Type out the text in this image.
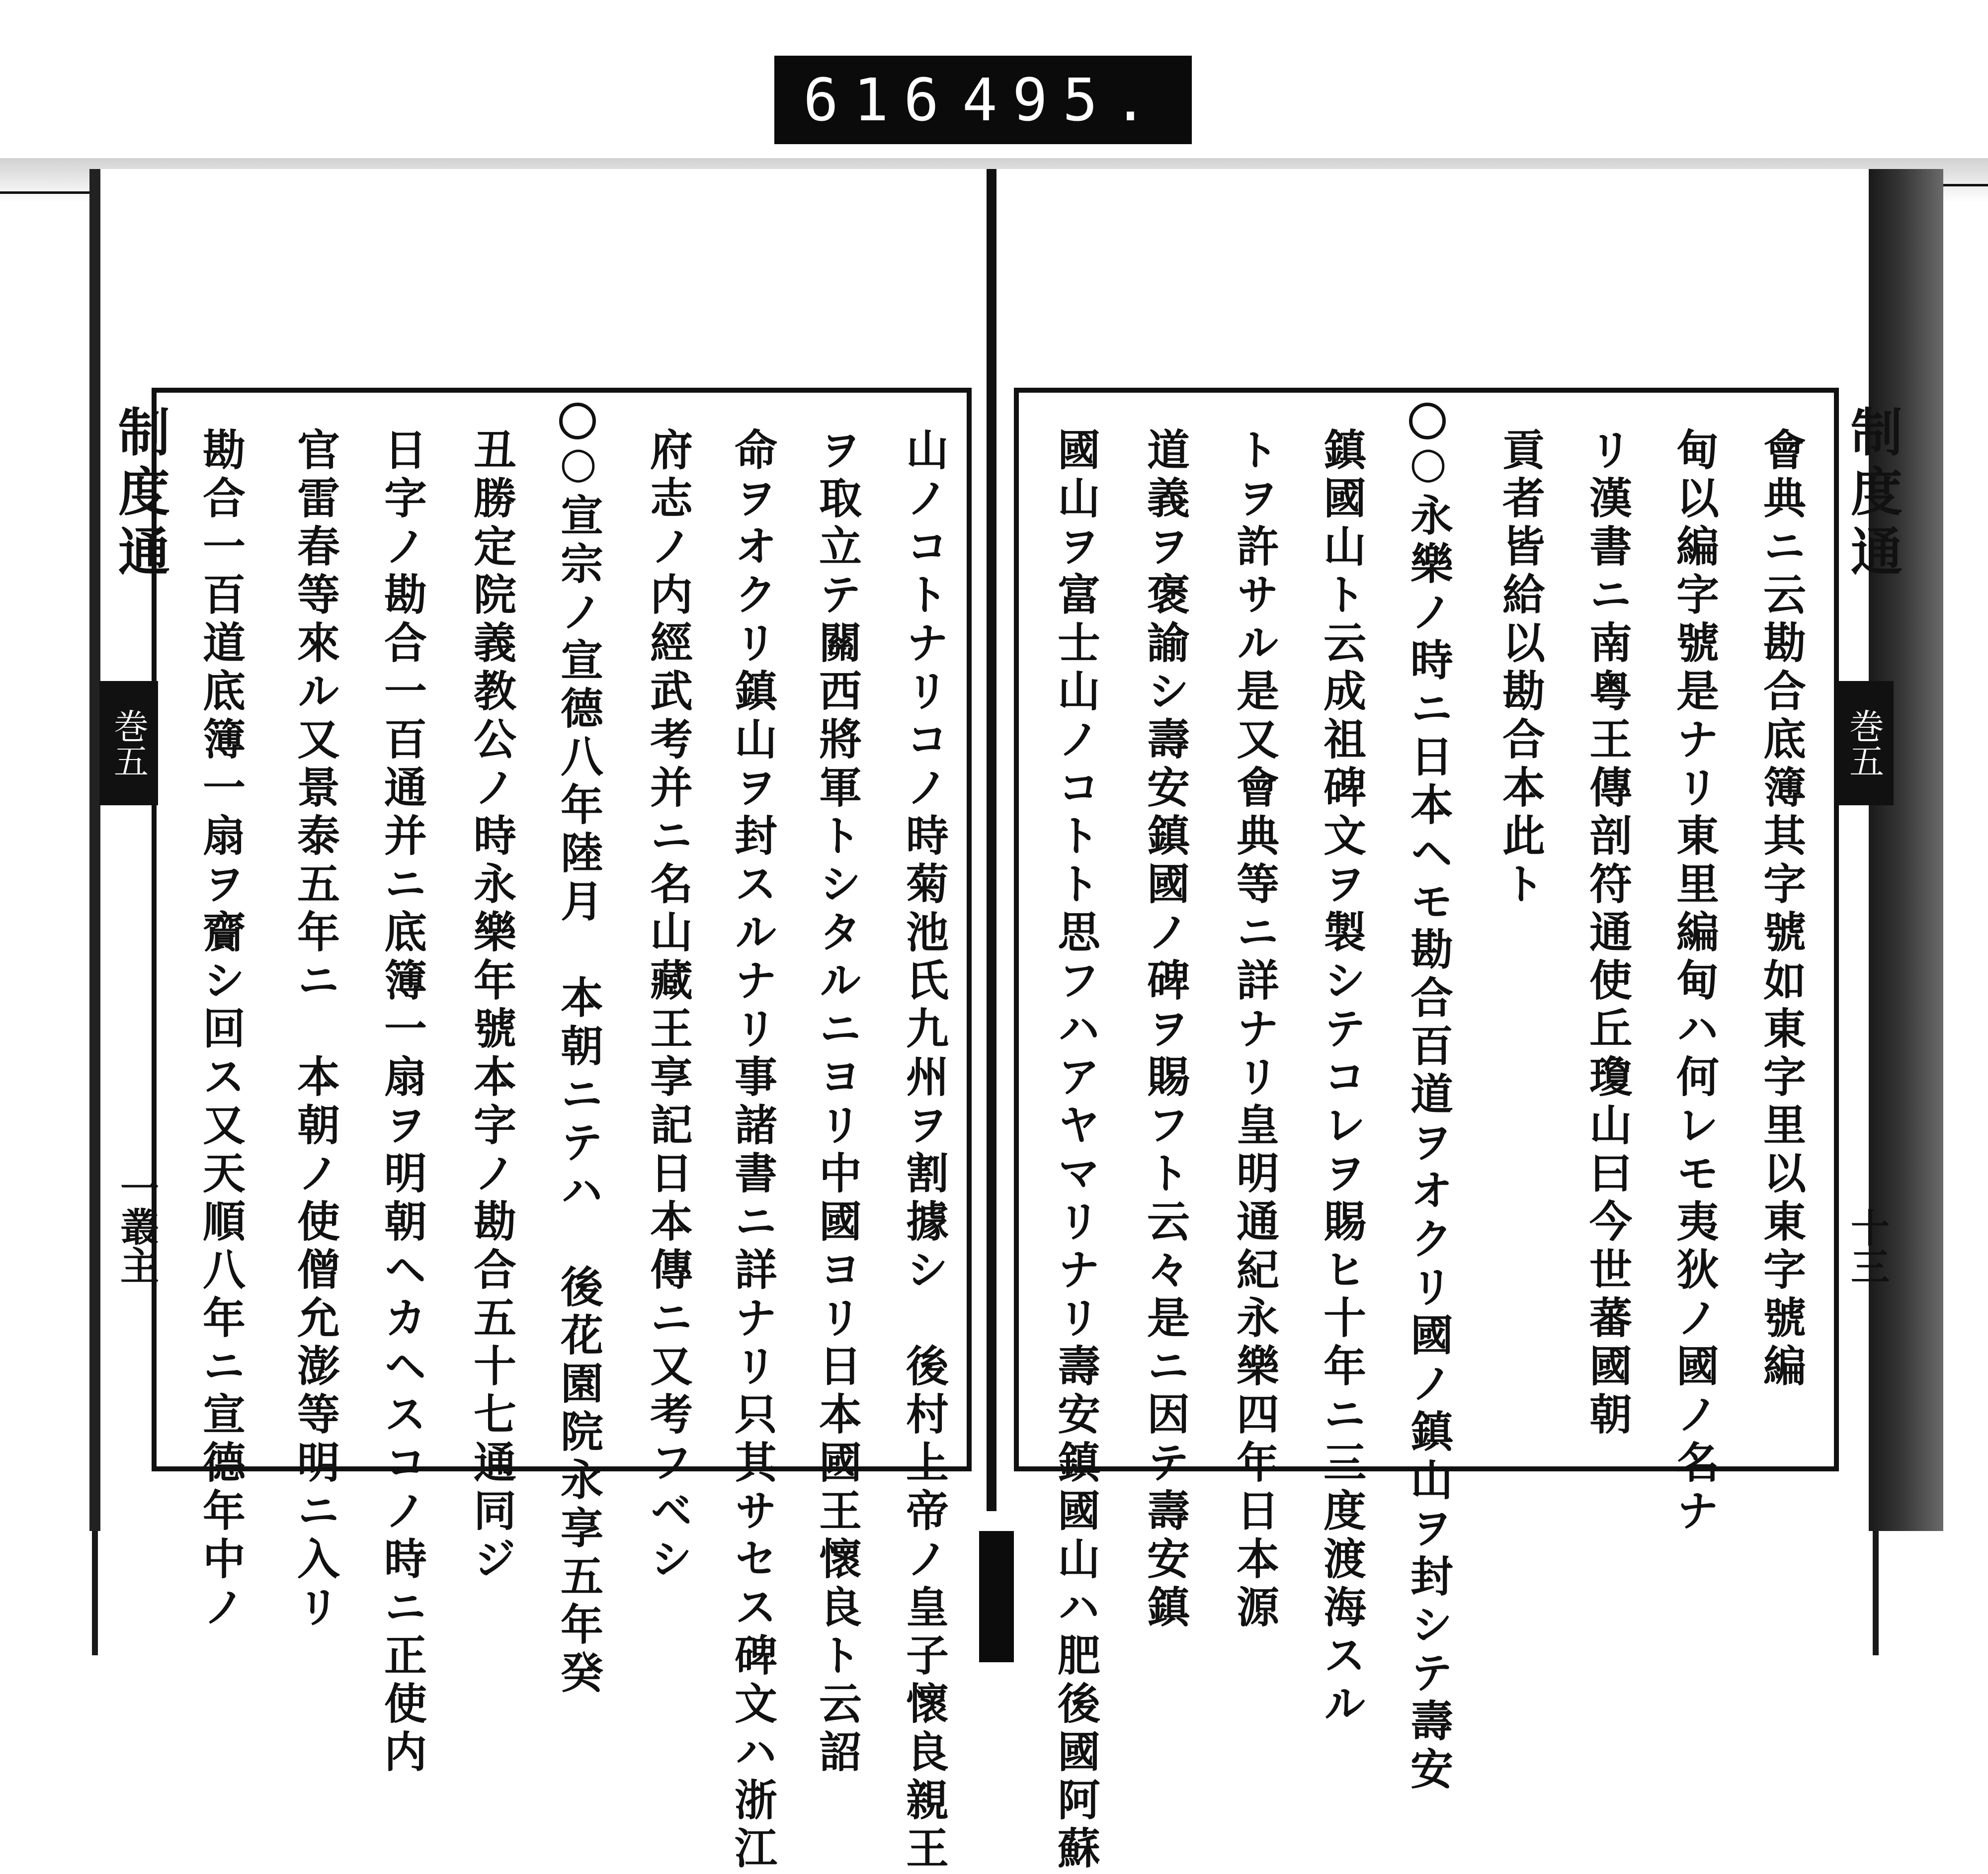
616 495.
制度通
巻五
一叢主
制度通
巻五
十三
山ノコトナリコノ時菊池氏九州ヲ割據シ　後村上帝ノ皇子懷良親王
ヲ取立テ關西將軍トシタルニヨリ中國ヨリ日本國王懷良ト云詔
命ヲオクリ鎮山ヲ封スルナリ事諸書ニ詳ナリ只其サセス碑文ハ浙江
府志ノ内經武考并ニ名山藏王享記日本傳ニ又考フベシ
○宣宗ノ宣德八年陸月　本朝ニテハ　後花園院永享五年癸
丑勝定院義教公ノ時永樂年號本字ノ勘合五十七通同ジ
日字ノ勘合一百通并ニ底簿一扇ヲ明朝ヘカヘスコノ時ニ正使内
官雷春等來ル又景泰五年ニ　本朝ノ使僧允澎等明ニ入リ
勘合一百道底簿一扇ヲ齎シ回ス又天順八年ニ宣德年中ノ	會典ニ云勘合底簿其字號如東字里以東字號編
甸以編字號是ナリ東里編甸ハ何レモ夷狄ノ國ノ名ナ
リ漢書ニ南粤王傳剖符通使丘瓊山曰今世蕃國朝
貢者皆給以勘合本此ト
○永樂ノ時ニ日本ヘモ勘合百道ヲオクリ國ノ鎮山ヲ封シテ壽安
鎮國山ト云成祖碑文ヲ製シテコレヲ賜ヒ十年ニ三度渡海スル
トヲ許サル是又會典等ニ詳ナリ皇明通紀永樂四年日本源
道義ヲ褒諭シ壽安鎮國ノ碑ヲ賜フト云々是ニ因テ壽安鎮
國山ヲ富士山ノコトト思フハアヤマリナリ壽安鎮國山ハ肥後國阿蘇
